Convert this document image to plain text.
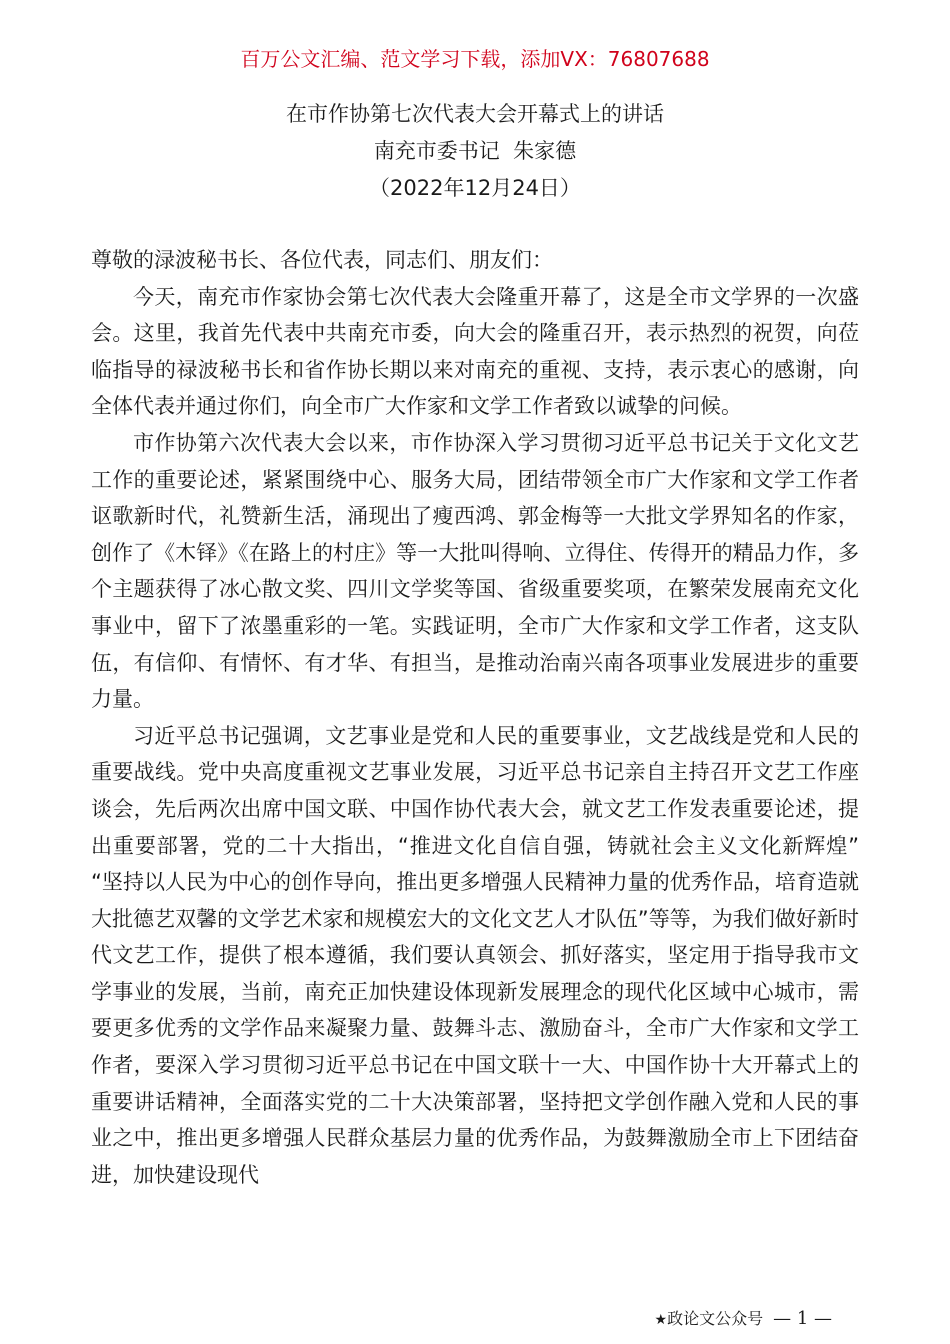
百万公文汇编、范文学习下载，添加VX：76807688
在市作协第七次代表大会开幕式上的讲话
南充市委书记  朱家德
（2022年12月24日）

尊敬的渌波秘书长、各位代表，同志们、朋友们：

今天，南充市作家协会第七次代表大会隆重开幕了，这是全市文学界的一次盛会。这里，我首先代表中共南充市委，向大会的隆重召开，表示热烈的祝贺，向莅临指导的禄波秘书长和省作协长期以来对南充的重视、支持，表示衷心的感谢，向全体代表并通过你们，向全市广大作家和文学工作者致以诚挚的问候。

市作协第六次代表大会以来，市作协深入学习贯彻习近平总书记关于文化文艺工作的重要论述，紧紧围绕中心、服务大局，团结带领全市广大作家和文学工作者讴歌新时代，礼赞新生活，涌现出了瘦西鸿、郭金梅等一大批文学界知名的作家，创作了《木铎》《在路上的村庄》等一大批叫得响、立得住、传得开的精品力作，多个主题获得了冰心散文奖、四川文学奖等国、省级重要奖项，在繁荣发展南充文化事业中，留下了浓墨重彩的一笔。实践证明，全市广大作家和文学工作者，这支队伍，有信仰、有情怀、有才华、有担当，是推动治南兴南各项事业发展进步的重要力量。

习近平总书记强调，文艺事业是党和人民的重要事业，文艺战线是党和人民的重要战线。党中央高度重视文艺事业发展，习近平总书记亲自主持召开文艺工作座谈会，先后两次出席中国文联、中国作协代表大会，就文艺工作发表重要论述，提出重要部署，党的二十大指出，“推进文化自信自强，铸就社会主义文化新辉煌” “坚持以人民为中心的创作导向，推出更多增强人民精神力量的优秀作品，培育造就大批德艺双馨的文学艺术家和规模宏大的文化文艺人才队伍”等等，为我们做好新时代文艺工作，提供了根本遵循，我们要认真领会、抓好落实，坚定用于指导我市文学事业的发展，当前，南充正加快建设体现新发展理念的现代化区域中心城市，需要更多优秀的文学作品来凝聚力量、鼓舞斗志、激励奋斗，全市广大作家和文学工作者，要深入学习贯彻习近平总书记在中国文联十一大、中国作协十大开幕式上的重要讲话精神，全面落实党的二十大决策部署，坚持把文学创作融入党和人民的事业之中，推出更多增强人民群众基层力量的优秀作品，为鼓舞激励全市上下团结奋进，加快建设现代

★政论文公众号 — 1 —
